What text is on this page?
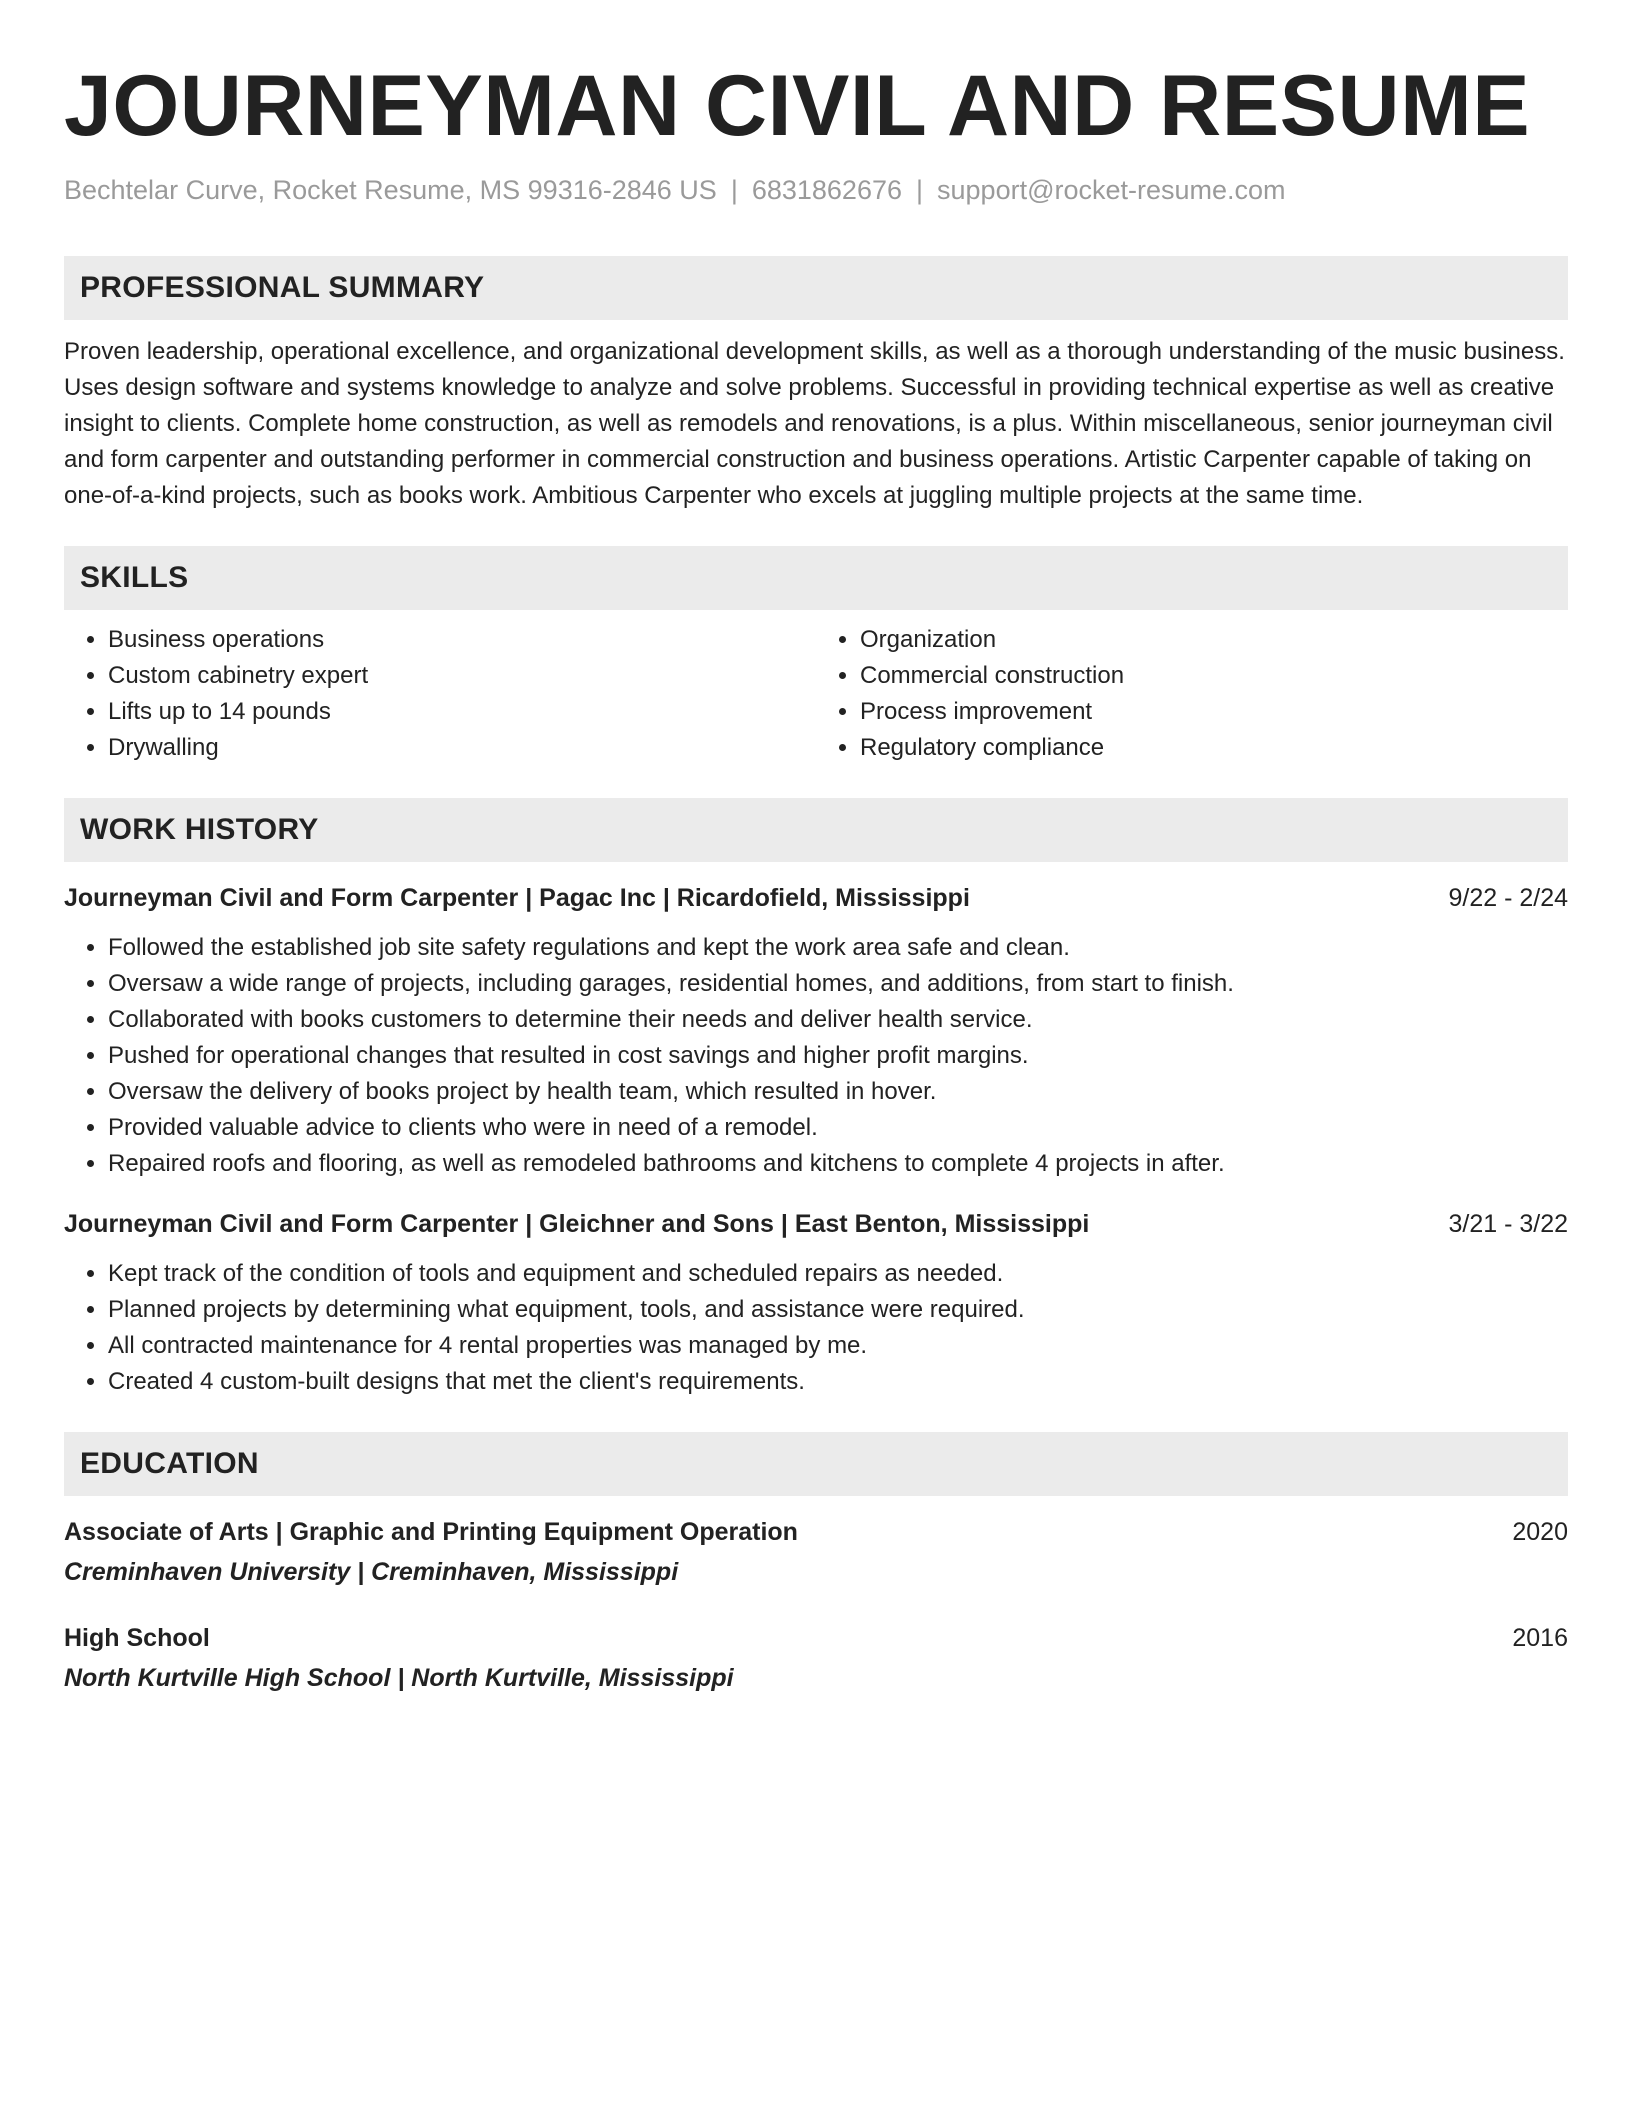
JOURNEYMAN CIVIL AND RESUME
Bechtelar Curve, Rocket Resume, MS 99316-2846 US | 6831862676 | support@rocket-resume.com
PROFESSIONAL SUMMARY

Proven leadership, operational excellence, and organizational development skills, as well as a thorough understanding of the music business. Uses design software and systems knowledge to analyze and solve problems. Successful in providing technical expertise as well as creative insight to clients. Complete home construction, as well as remodels and renovations, is a plus. Within miscellaneous, senior journeyman civil and form carpenter and outstanding performer in commercial construction and business operations. Artistic Carpenter capable of taking on one-of-a-kind projects, such as books work. Ambitious Carpenter who excels at juggling multiple projects at the same time.

SKILLS
• Business operations
• Custom cabinetry expert
• Lifts up to 14 pounds
• Drywalling
• Organization
• Commercial construction
• Process improvement
• Regulatory compliance
WORK HISTORY
Journeyman Civil and Form Carpenter | Pagac Inc | Ricardofield, Mississippi	9/22 - 2/24
• Followed the established job site safety regulations and kept the work area safe and clean.
• Oversaw a wide range of projects, including garages, residential homes, and additions, from start to finish.
• Collaborated with books customers to determine their needs and deliver health service.
• Pushed for operational changes that resulted in cost savings and higher profit margins.
• Oversaw the delivery of books project by health team, which resulted in hover.
• Provided valuable advice to clients who were in need of a remodel.
• Repaired roofs and flooring, as well as remodeled bathrooms and kitchens to complete 4 projects in after.
Journeyman Civil and Form Carpenter | Gleichner and Sons | East Benton, Mississippi	3/21 - 3/22
• Kept track of the condition of tools and equipment and scheduled repairs as needed.
• Planned projects by determining what equipment, tools, and assistance were required.
• All contracted maintenance for 4 rental properties was managed by me.
• Created 4 custom-built designs that met the client's requirements.
EDUCATION
Associate of Arts | Graphic and Printing Equipment Operation	2020
Creminhaven University | Creminhaven, Mississippi
High School	2016
North Kurtville High School | North Kurtville, Mississippi
